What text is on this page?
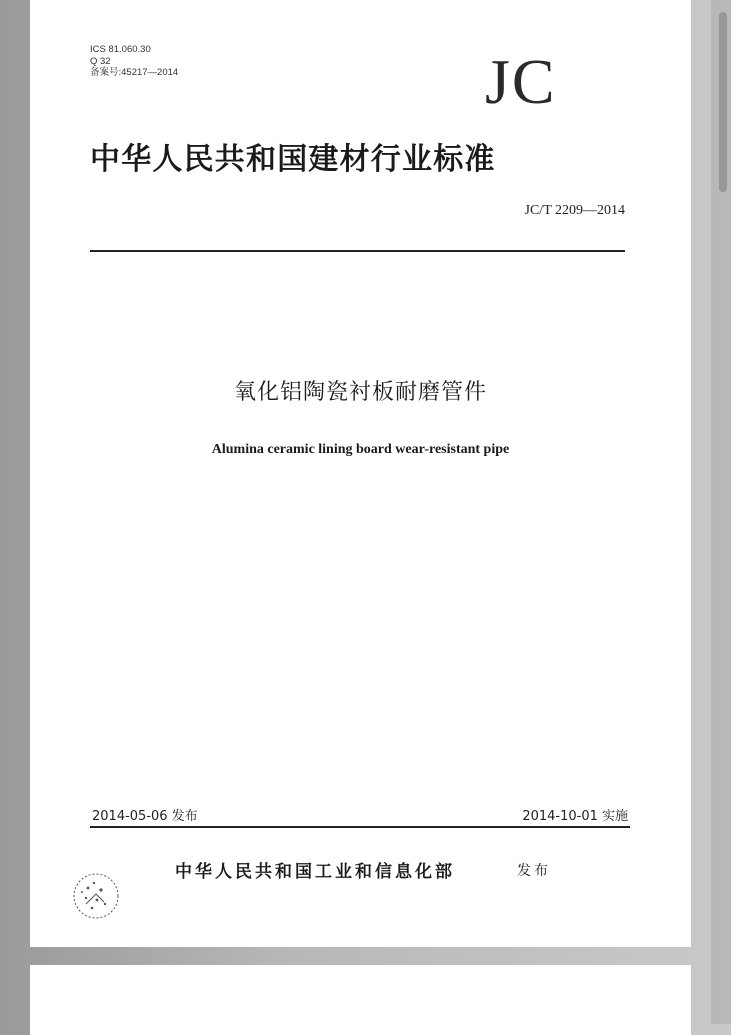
ICS 81.060.30
Q 32
备案号:45217—2014	JC
中华人民共和国建材行业标准
JC/T 2209—2014
氧化铝陶瓷衬板耐磨管件
Alumina ceramic lining board wear-resistant pipe
2014-05-06 发布	2014-10-01 实施
中华人民共和国工业和信息化部	发布
